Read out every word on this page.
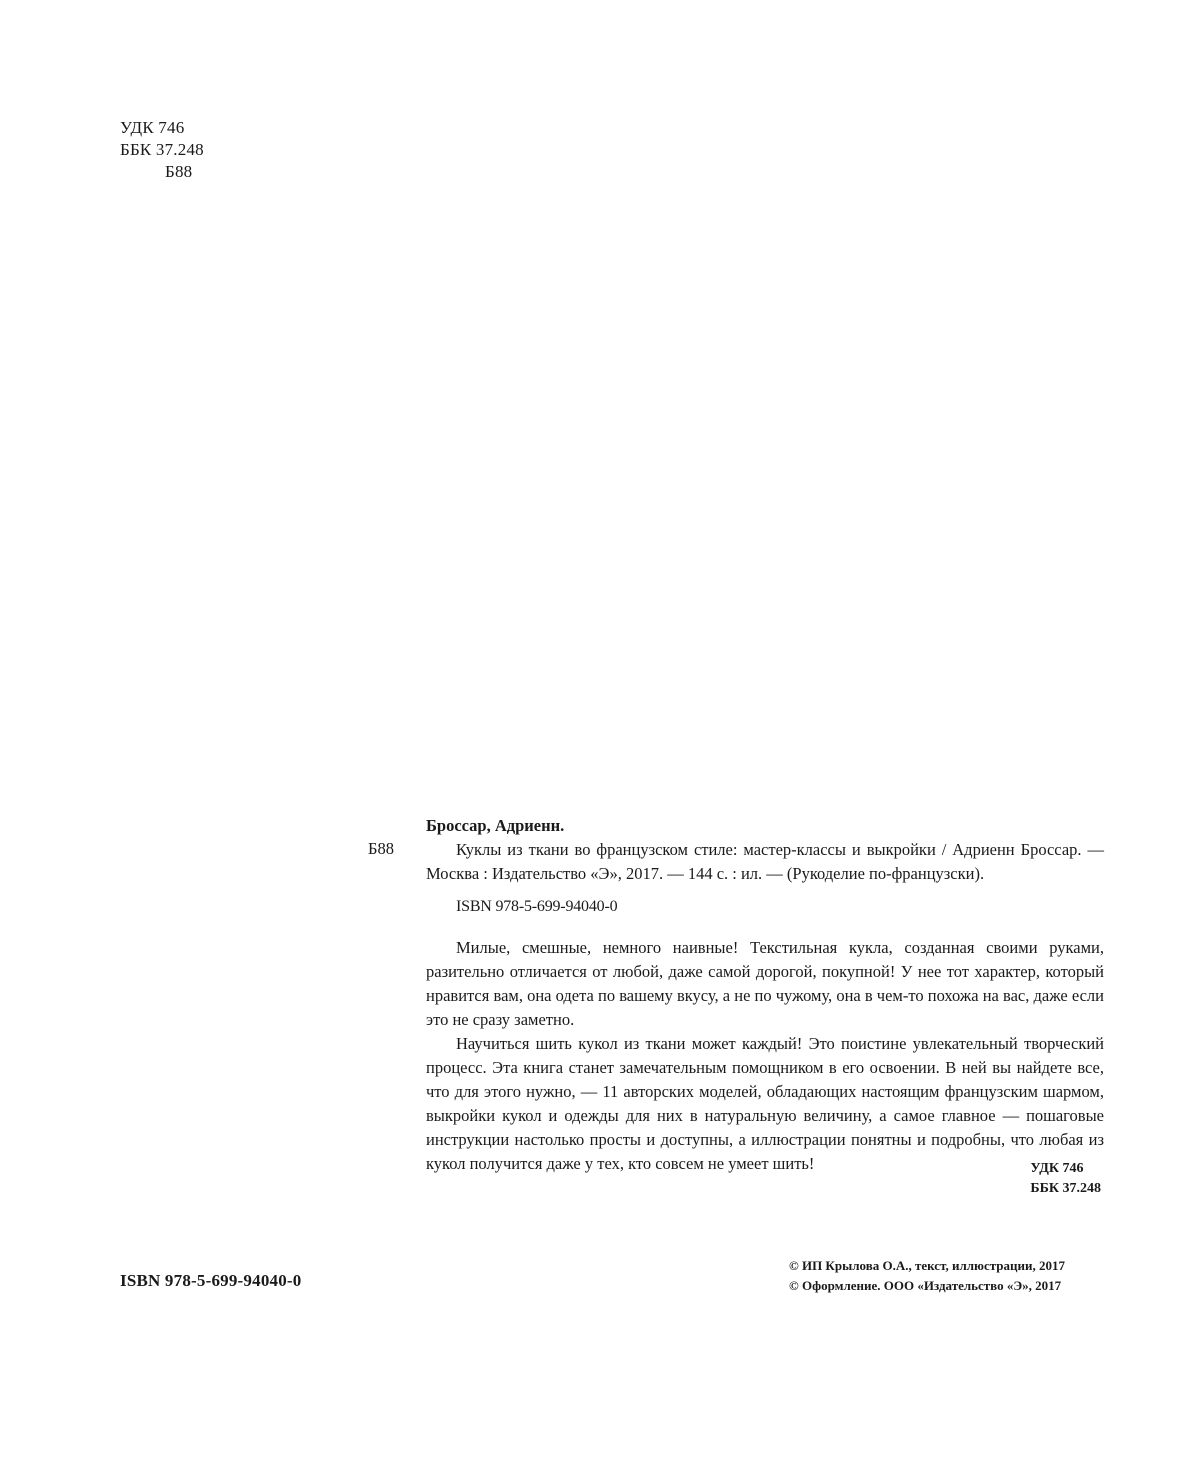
УДК 746
ББК 37.248
Б88
Б88
Броссар, Адриенн.

Куклы из ткани во французском стиле: мастер-классы и выкройки / Адриенн Броссар. — Москва : Издательство «Э», 2017. — 144 с. : ил. — (Рукоделие по-французски).

ISBN 978-5-699-94040-0

Милые, смешные, немного наивные! Текстильная кукла, созданная своими руками, разительно отличается от любой, даже самой дорогой, покупной! У нее тот характер, который нравится вам, она одета по вашему вкусу, а не по чужому, она в чем-то похожа на вас, даже если это не сразу заметно.

Научиться шить кукол из ткани может каждый! Это поистине увлекательный творческий процесс. Эта книга станет замечательным помощником в его освоении. В ней вы найдете все, что для этого нужно, — 11 авторских моделей, обладающих настоящим французским шармом, выкройки кукол и одежды для них в натуральную величину, а самое главное — пошаговые инструкции настолько просты и доступны, а иллюстрации понятны и подробны, что любая из кукол получится даже у тех, кто совсем не умеет шить!	УДК 746
ББК 37.248
ISBN 978-5-699-94040-0
© ИП Крылова О.А., текст, иллюстрации, 2017
© Оформление. ООО «Издательство «Э», 2017
